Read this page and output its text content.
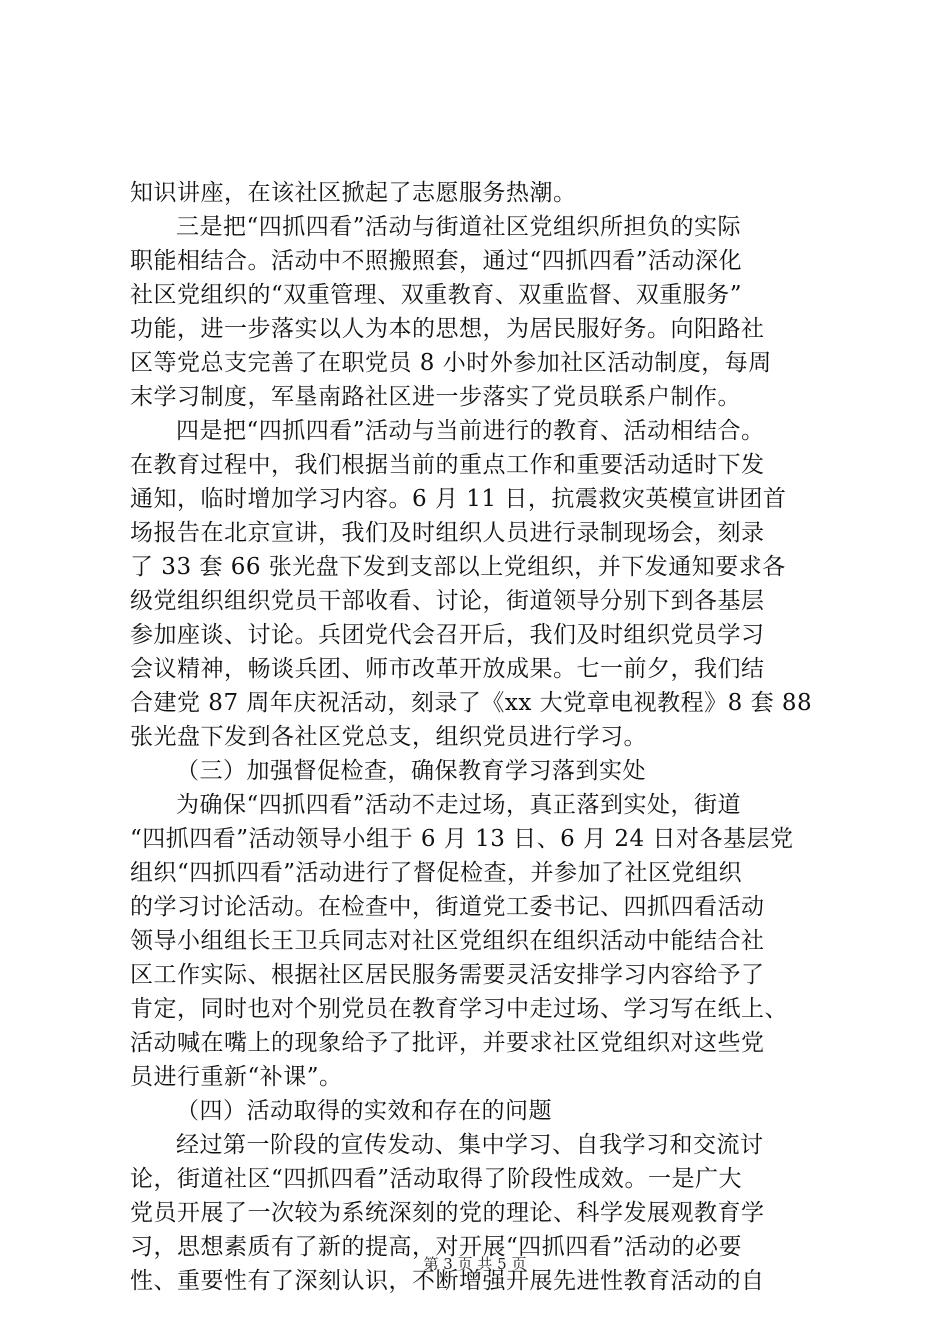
知识讲座，在该社区掀起了志愿服务热潮。
三是把“四抓四看”活动与街道社区党组织所担负的实际
职能相结合。活动中不照搬照套，通过“四抓四看”活动深化
社区党组织的“双重管理、双重教育、双重监督、双重服务”
功能，进一步落实以人为本的思想，为居民服好务。向阳路社
区等党总支完善了在职党员 8 小时外参加社区活动制度，每周
末学习制度，军垦南路社区进一步落实了党员联系户制作。
四是把“四抓四看”活动与当前进行的教育、活动相结合。
在教育过程中，我们根据当前的重点工作和重要活动适时下发
通知，临时增加学习内容。6 月 11 日，抗震救灾英模宣讲团首
场报告在北京宣讲，我们及时组织人员进行录制现场会，刻录
了 33 套 66 张光盘下发到支部以上党组织，并下发通知要求各
级党组织组织党员干部收看、讨论，街道领导分别下到各基层
参加座谈、讨论。兵团党代会召开后，我们及时组织党员学习
会议精神，畅谈兵团、师市改革开放成果。七一前夕，我们结
合建党 87 周年庆祝活动，刻录了《xx 大党章电视教程》8 套 88
张光盘下发到各社区党总支，组织党员进行学习。
（三）加强督促检查，确保教育学习落到实处
为确保“四抓四看”活动不走过场，真正落到实处，街道
“四抓四看”活动领导小组于 6 月 13 日、6 月 24 日对各基层党
组织“四抓四看”活动进行了督促检查，并参加了社区党组织
的学习讨论活动。在检查中，街道党工委书记、四抓四看活动
领导小组组长王卫兵同志对社区党组织在组织活动中能结合社
区工作实际、根据社区居民服务需要灵活安排学习内容给予了
肯定，同时也对个别党员在教育学习中走过场、学习写在纸上、
活动喊在嘴上的现象给予了批评，并要求社区党组织对这些党
员进行重新“补课”。
（四）活动取得的实效和存在的问题
经过第一阶段的宣传发动、集中学习、自我学习和交流讨
论，街道社区“四抓四看”活动取得了阶段性成效。一是广大
党员开展了一次较为系统深刻的党的理论、科学发展观教育学
习，思想素质有了新的提高，对开展“四抓四看”活动的必要
性、重要性有了深刻认识，不断增强开展先进性教育活动的自
第 3 页 共 5 页
